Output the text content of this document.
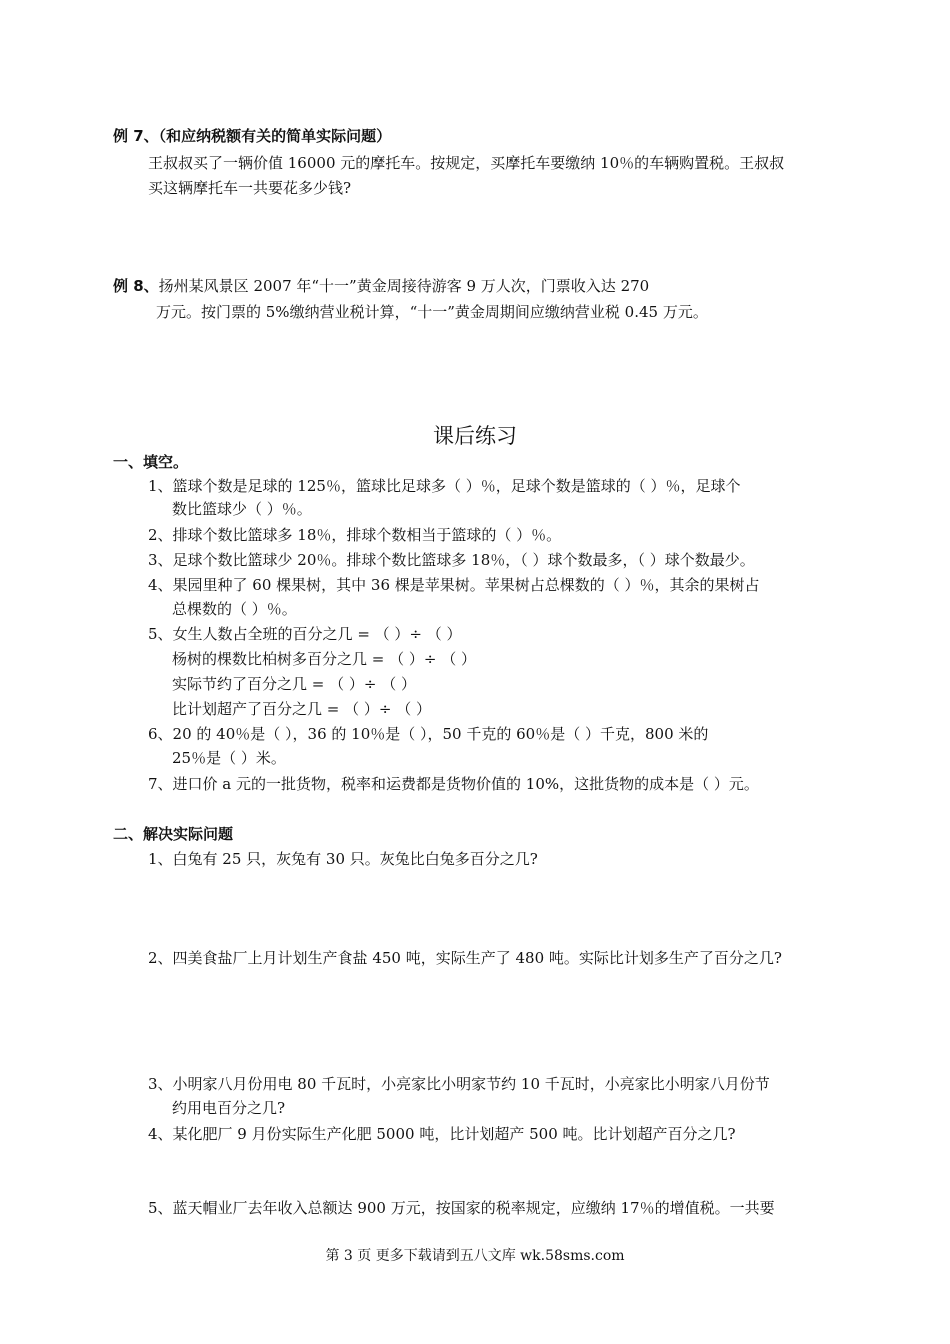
例 7、（和应纳税额有关的简单实际问题）
王叔叔买了一辆价值 16000 元的摩托车。按规定，买摩托车要缴纳 10％的车辆购置税。王叔叔
买这辆摩托车一共要花多少钱?
例 8、扬州某风景区 2007 年“十一”黄金周接待游客 9 万人次，门票收入达 270
万元。按门票的 5%缴纳营业税计算，“十一”黄金周期间应缴纳营业税 0.45 万元。
课后练习
一、填空。
1、篮球个数是足球的 125％，篮球比足球多（ ）％，足球个数是篮球的（ ）％，足球个
数比篮球少（ ）％。
2、排球个数比篮球多 18％，排球个数相当于篮球的（ ）％。
3、足球个数比篮球少 20％。排球个数比篮球多 18％，（ ）球个数最多，（ ）球个数最少。
4、果园里种了 60 棵果树，其中 36 棵是苹果树。苹果树占总棵数的（ ）％，其余的果树占
总棵数的（ ）％。
5、女生人数占全班的百分之几 = （ ）÷ （ ）
杨树的棵数比柏树多百分之几 = （ ）÷ （ ）
实际节约了百分之几 = （ ）÷ （ ）
比计划超产了百分之几 = （ ）÷ （ ）
6、20 的 40％是（ ），36 的 10％是（ ），50 千克的 60％是（ ）千克，800 米的
25％是（ ）米。
7、进口价 a 元的一批货物，税率和运费都是货物价值的 10%，这批货物的成本是（ ）元。
二、解决实际问题
1、白兔有 25 只，灰兔有 30 只。灰兔比白兔多百分之几?
2、四美食盐厂上月计划生产食盐 450 吨，实际生产了 480 吨。实际比计划多生产了百分之几?
3、小明家八月份用电 80 千瓦时，小亮家比小明家节约 10 千瓦时，小亮家比小明家八月份节
约用电百分之几?
4、某化肥厂 9 月份实际生产化肥 5000 吨，比计划超产 500 吨。比计划超产百分之几?
5、蓝天帽业厂去年收入总额达 900 万元，按国家的税率规定，应缴纳 17％的增值税。一共要
第 3 页 更多下载请到五八文库 wk.58sms.com
